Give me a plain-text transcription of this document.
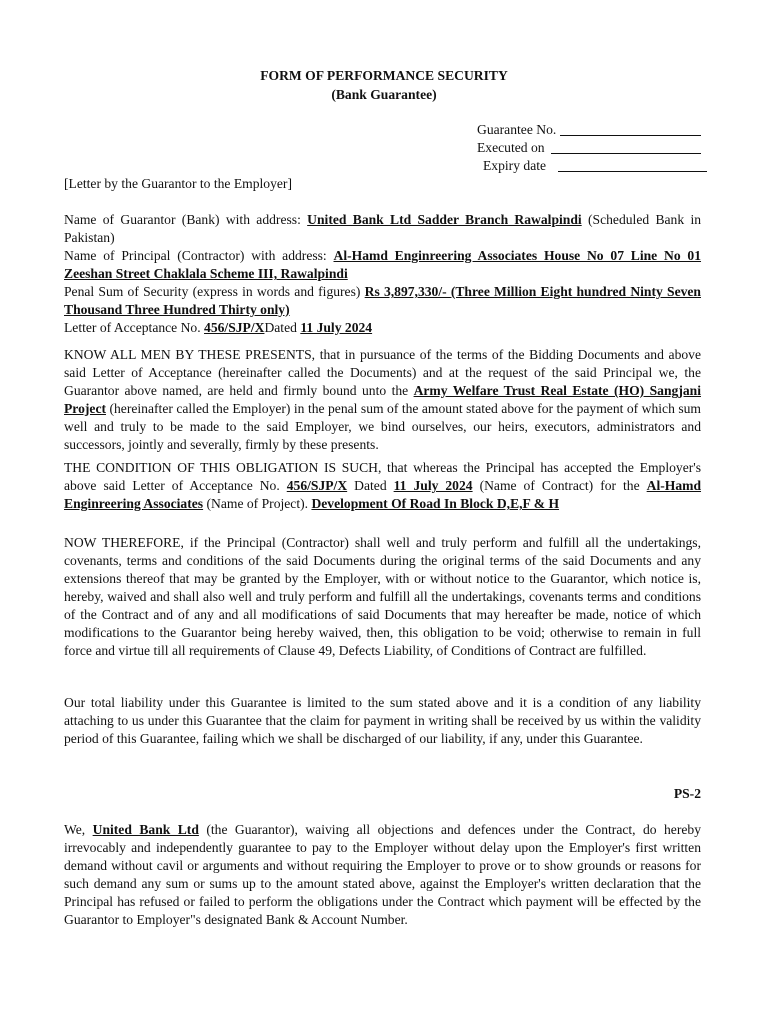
FORM OF PERFORMANCE SECURITY
(Bank Guarantee)
Guarantee No.
Executed on
Expiry date
[Letter by the Guarantor to the Employer]
Name of Guarantor (Bank) with address: United Bank Ltd Sadder Branch Rawalpindi (Scheduled Bank in Pakistan)
Name of Principal (Contractor) with address: Al-Hamd Enginreering Associates House No 07 Line No 01 Zeeshan Street Chaklala Scheme III, Rawalpindi
Penal Sum of Security (express in words and figures) Rs 3,897,330/- (Three Million Eight hundred Ninty Seven Thousand Three Hundred Thirty only)
Letter of Acceptance No. 456/SJP/XDated 11 July 2024
KNOW ALL MEN BY THESE PRESENTS, that in pursuance of the terms of the Bidding Documents and above said Letter of Acceptance (hereinafter called the Documents) and at the request of the said Principal we, the Guarantor above named, are held and firmly bound unto the Army Welfare Trust Real Estate (HO) Sangjani Project (hereinafter called the Employer) in the penal sum of the amount stated above for the payment of which sum well and truly to be made to the said Employer, we bind ourselves, our heirs, executors, administrators and successors, jointly and severally, firmly by these presents.
THE CONDITION OF THIS OBLIGATION IS SUCH, that whereas the Principal has accepted the Employer's above said Letter of Acceptance No. 456/SJP/X Dated 11 July 2024 (Name of Contract) for the Al-Hamd Enginreering Associates (Name of Project). Development Of Road In Block D,E,F & H
NOW THEREFORE, if the Principal (Contractor) shall well and truly perform and fulfill all the undertakings, covenants, terms and conditions of the said Documents during the original terms of the said Documents and any extensions thereof that may be granted by the Employer, with or without notice to the Guarantor, which notice is, hereby, waived and shall also well and truly perform and fulfill all the undertakings, covenants terms and conditions of the Contract and of any and all modifications of said Documents that may hereafter be made, notice of which modifications to the Guarantor being hereby waived, then, this obligation to be void; otherwise to remain in full force and virtue till all requirements of Clause 49, Defects Liability, of Conditions of Contract are fulfilled.
Our total liability under this Guarantee is limited to the sum stated above and it is a condition of any liability attaching to us under this Guarantee that the claim for payment in writing shall be received by us within the validity period of this Guarantee, failing which we shall be discharged of our liability, if any, under this Guarantee.
PS-2
We, United Bank Ltd (the Guarantor), waiving all objections and defences under the Contract, do hereby irrevocably and independently guarantee to pay to the Employer without delay upon the Employer's first written demand without cavil or arguments and without requiring the Employer to prove or to show grounds or reasons for such demand any sum or sums up to the amount stated above, against the Employer's written declaration that the Principal has refused or failed to perform the obligations under the Contract which payment will be effected by the Guarantor to Employer"s designated Bank & Account Number.
